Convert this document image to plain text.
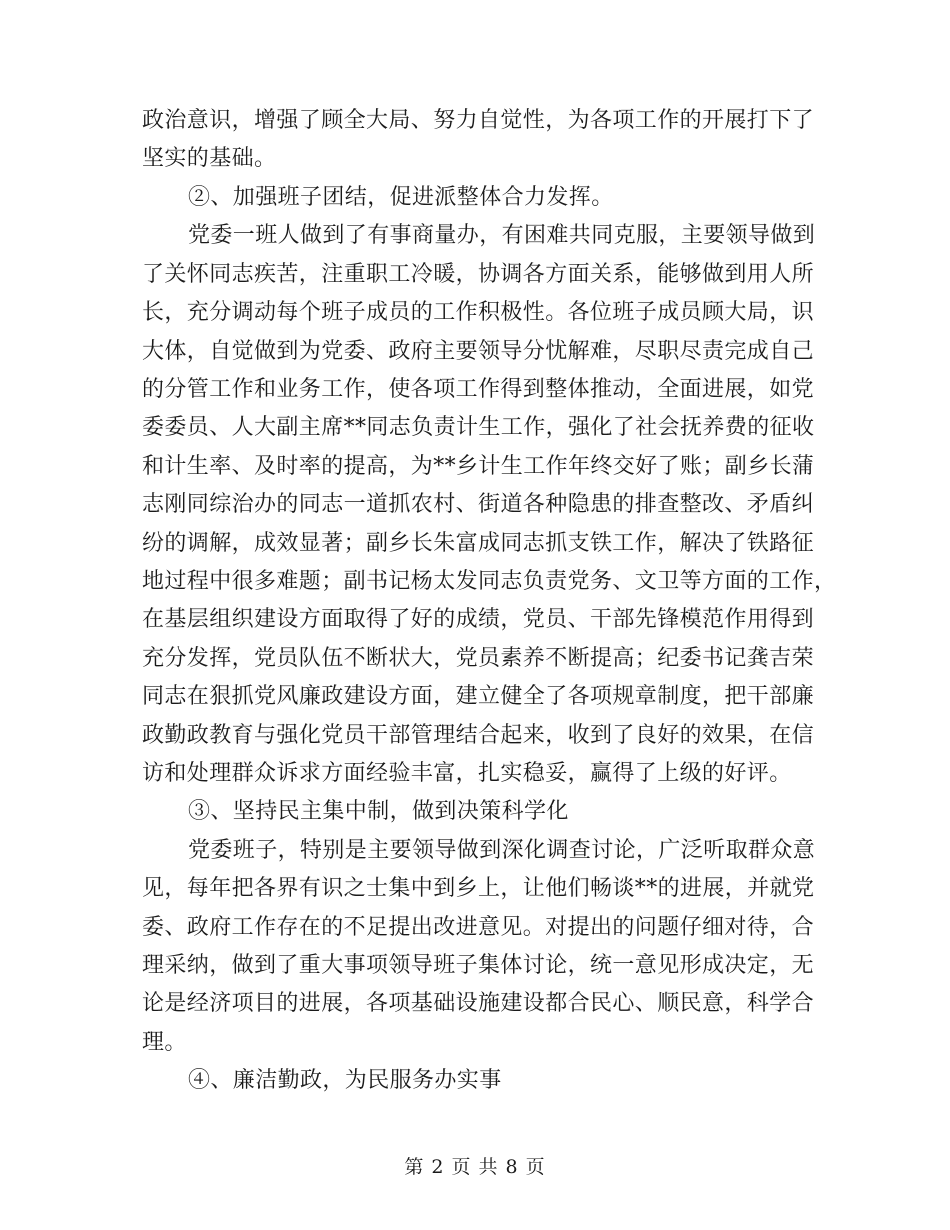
政治意识，增强了顾全大局、努力自觉性，为各项工作的开展打下了
坚实的基础。
②、加强班子团结，促进派整体合力发挥。
党委一班人做到了有事商量办，有困难共同克服，主要领导做到
了关怀同志疾苦，注重职工冷暖，协调各方面关系，能够做到用人所
长，充分调动每个班子成员的工作积极性。各位班子成员顾大局，识
大体，自觉做到为党委、政府主要领导分忧解难，尽职尽责完成自己
的分管工作和业务工作，使各项工作得到整体推动，全面进展，如党
委委员、人大副主席**同志负责计生工作，强化了社会抚养费的征收
和计生率、及时率的提高，为**乡计生工作年终交好了账；副乡长蒲
志刚同综治办的同志一道抓农村、街道各种隐患的排查整改、矛盾纠
纷的调解，成效显著；副乡长朱富成同志抓支铁工作，解决了铁路征
地过程中很多难题；副书记杨太发同志负责党务、文卫等方面的工作，
在基层组织建设方面取得了好的成绩，党员、干部先锋模范作用得到
充分发挥，党员队伍不断状大，党员素养不断提高；纪委书记龚吉荣
同志在狠抓党风廉政建设方面，建立健全了各项规章制度，把干部廉
政勤政教育与强化党员干部管理结合起来，收到了良好的效果，在信
访和处理群众诉求方面经验丰富，扎实稳妥，赢得了上级的好评。
③、坚持民主集中制，做到决策科学化
党委班子，特别是主要领导做到深化调查讨论，广泛听取群众意
见，每年把各界有识之士集中到乡上，让他们畅谈**的进展，并就党
委、政府工作存在的不足提出改进意见。对提出的问题仔细对待，合
理采纳，做到了重大事项领导班子集体讨论，统一意见形成决定，无
论是经济项目的进展，各项基础设施建设都合民心、顺民意，科学合
理。
④、廉洁勤政，为民服务办实事
第 2 页 共 8 页
